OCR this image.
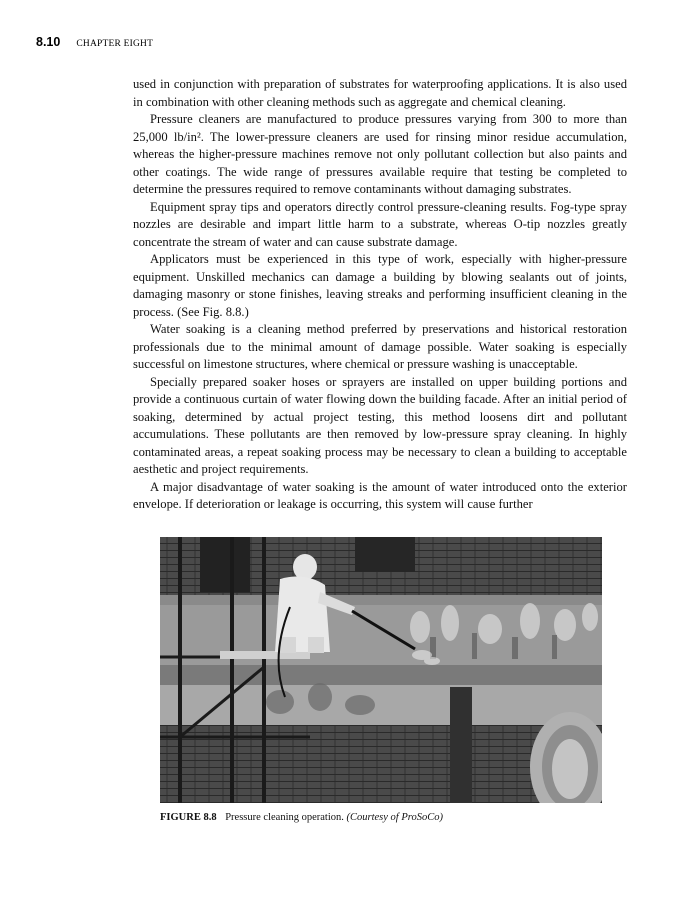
8.10 CHAPTER EIGHT

used in conjunction with preparation of substrates for waterproofing applications. It is also used in combination with other cleaning methods such as aggregate and chemical cleaning.

Pressure cleaners are manufactured to produce pressures varying from 300 to more than 25,000 lb/in². The lower-pressure cleaners are used for rinsing minor residue accumulation, whereas the higher-pressure machines remove not only pollutant collection but also paints and other coatings. The wide range of pressures available require that testing be completed to determine the pressures required to remove contaminants without damaging substrates.

Equipment spray tips and operators directly control pressure-cleaning results. Fog-type spray nozzles are desirable and impart little harm to a substrate, whereas O-tip nozzles greatly concentrate the stream of water and can cause substrate damage.

Applicators must be experienced in this type of work, especially with higher-pressure equipment. Unskilled mechanics can damage a building by blowing sealants out of joints, damaging masonry or stone finishes, leaving streaks and performing insufficient cleaning in the process. (See Fig. 8.8.)

Water soaking is a cleaning method preferred by preservations and historical restoration professionals due to the minimal amount of damage possible. Water soaking is especially successful on limestone structures, where chemical or pressure washing is unacceptable.

Specially prepared soaker hoses or sprayers are installed on upper building portions and provide a continuous curtain of water flowing down the building facade. After an initial period of soaking, determined by actual project testing, this method loosens dirt and pollutant accumulations. These pollutants are then removed by low-pressure spray cleaning. In highly contaminated areas, a repeat soaking process may be necessary to clean a building to acceptable aesthetic and project requirements.

A major disadvantage of water soaking is the amount of water introduced onto the exterior envelope. If deterioration or leakage is occurring, this system will cause further

FIGURE 8.8 Pressure cleaning operation. (Courtesy of ProSoCo)
